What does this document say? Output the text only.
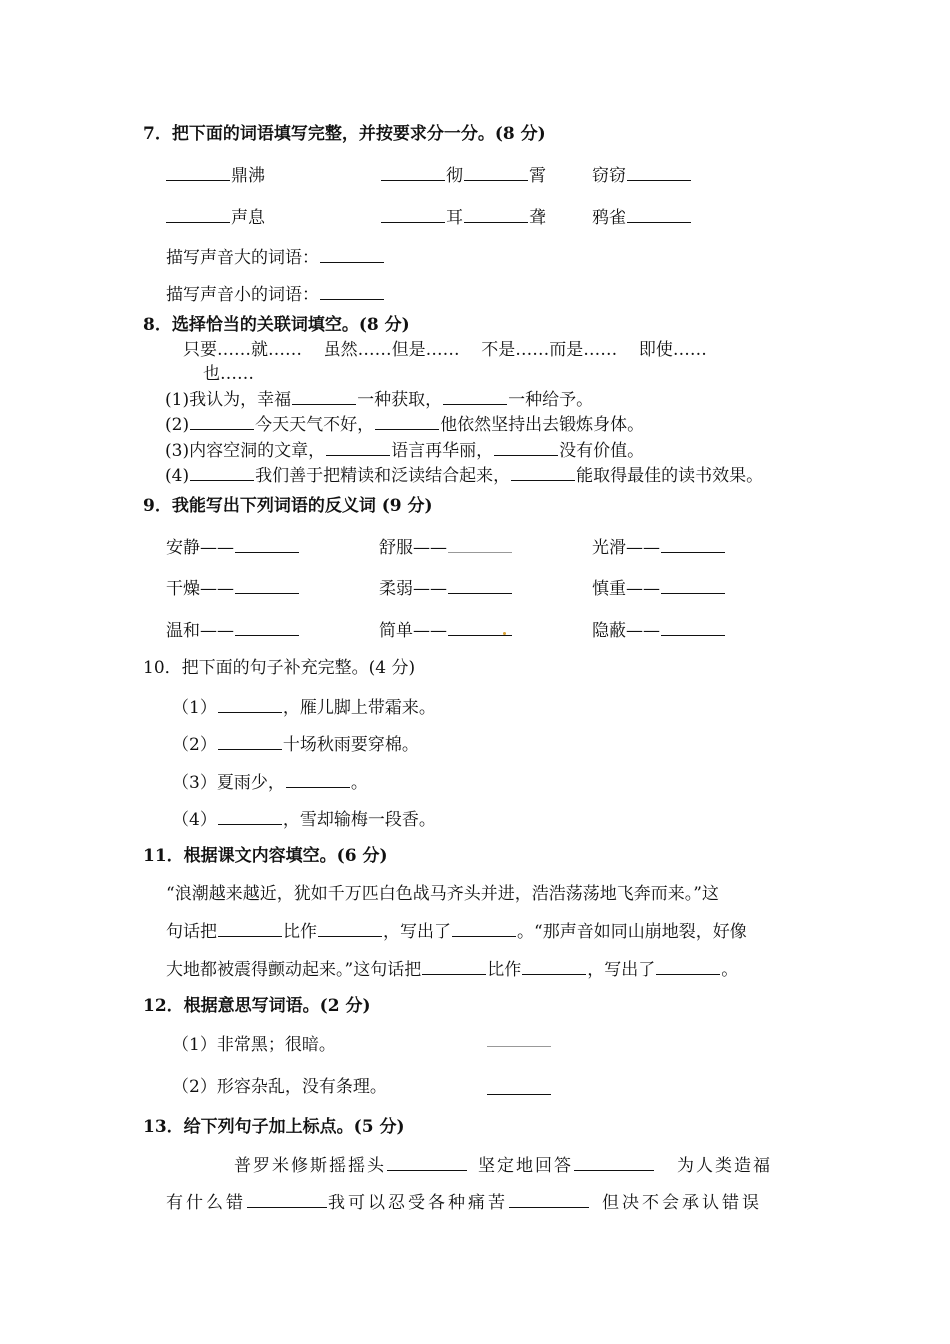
7．把下面的词语填写完整，并按要求分一分。(8 分)
鼎沸	彻	霄	窃窃
声息	耳	聋	鸦雀
描写声音大的词语：
描写声音小的词语：
8．选择恰当的关联词填空。(8 分)
只要……就……    虽然……但是……    不是……而是……    即使……
也……
(1)我认为，幸福	一种获取，	一种给予。
(2)	今天天气不好，	他依然坚持出去锻炼身体。
(3)内容空洞的文章，	语言再华丽，	没有价值。
(4)	我们善于把精读和泛读结合起来，	能取得最佳的读书效果。
9．我能写出下列词语的反义词 (9 分)
安静——	舒服——	光滑——
干燥——	柔弱——	慎重——
温和——	简单——	隐蔽——
10．把下面的句子补充完整。(4 分)
（1）	，雁儿脚上带霜来。
（2）	十场秋雨要穿棉。
（3）夏雨少，	。
（4）	，雪却输梅一段香。
11．根据课文内容填空。(6 分)
“浪潮越来越近，犹如千万匹白色战马齐头并进，浩浩荡荡地飞奔而来。”这
句话把	比作	，写出了	。“那声音如同山崩地裂，好像
大地都被震得颤动起来。”这句话把	比作	，写出了	。
12．根据意思写词语。(2 分)
（1）非常黑；很暗。
（2）形容杂乱，没有条理。
13．给下列句子加上标点。(5 分)
普罗米修斯摇摇头	坚定地回答	为人类造福
有什么错	我可以忍受各种痛苦	但决不会承认错误
